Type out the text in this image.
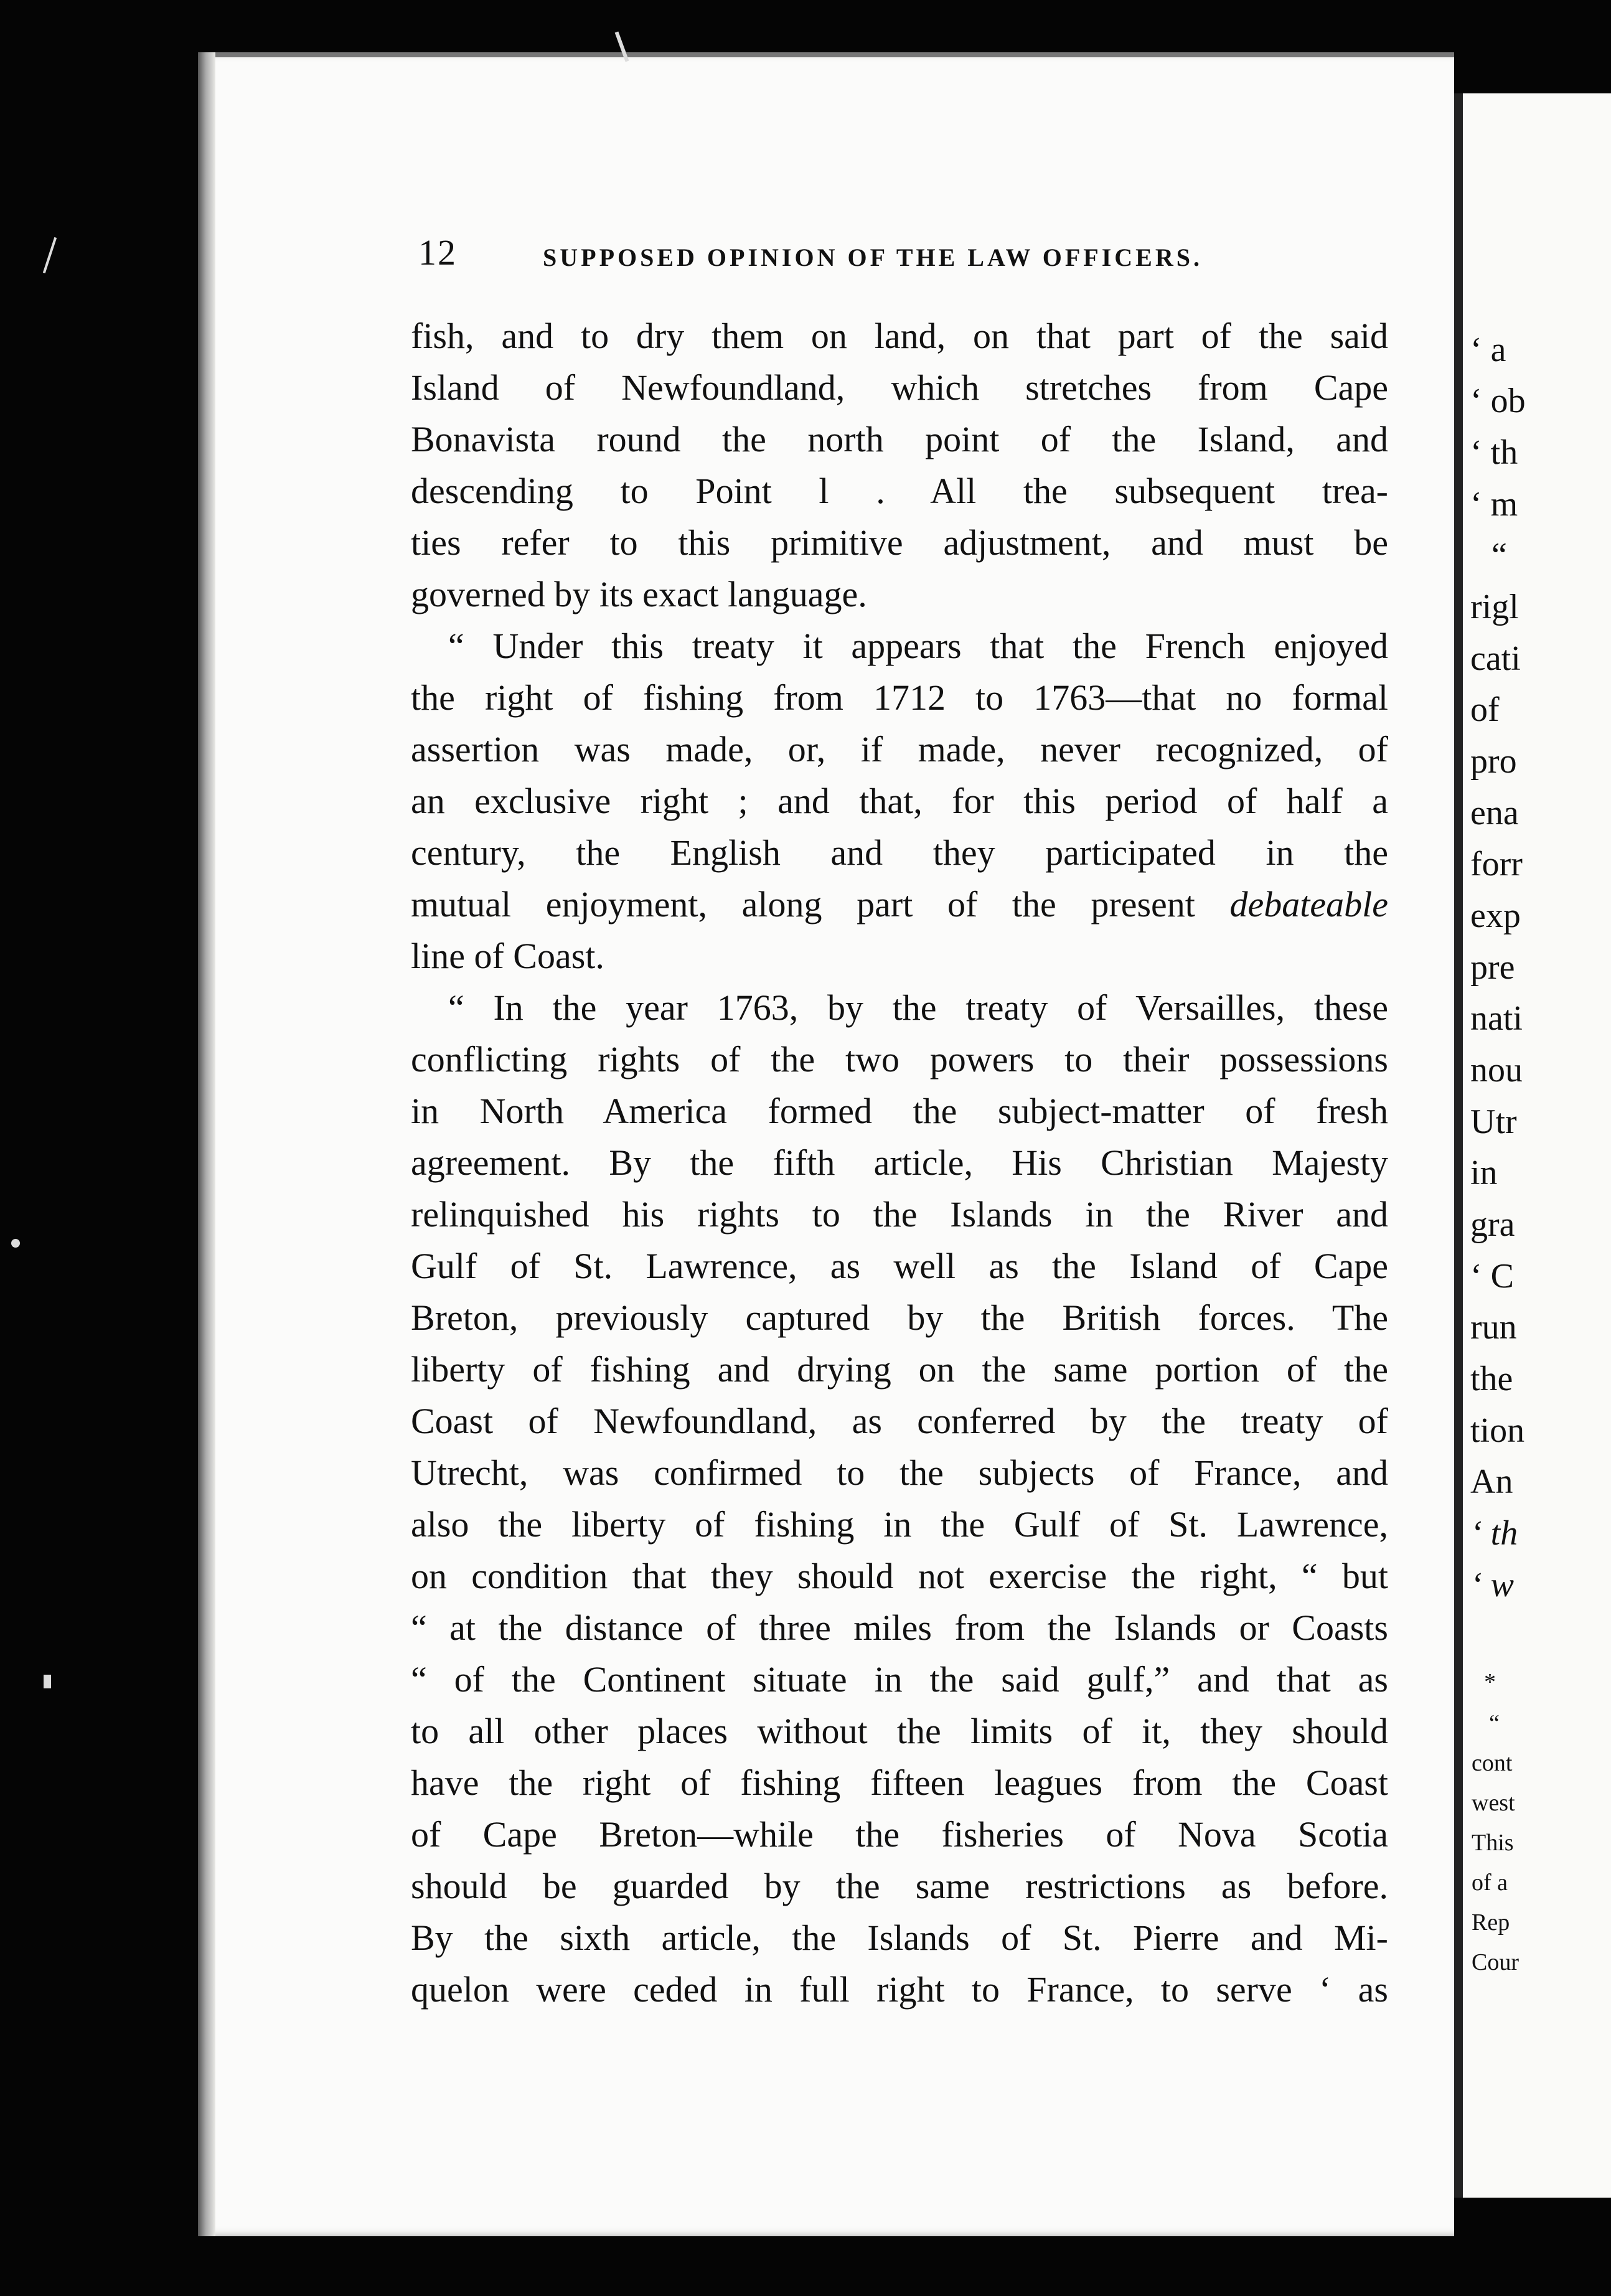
‘ a
‘ ob
‘ th
‘ m
“
rigl
cati
of
pro
ena
forr
exp
pre
nati
nou
Utr
in
gra
‘ C
run
the
tion
An
‘ th
‘ w
*
“
cont
west
This
of a
Rep
Cour
12	SUPPOSED OPINION OF THE LAW OFFICERS.
fish, and to dry them on land, on that part of the said
Island of Newfoundland, which stretches from Cape
Bonavista round the north point of the Island, and
descending to Point l . All the subsequent trea-
ties refer to this primitive adjustment, and must be
governed by its exact language.
“ Under this treaty it appears that the French enjoyed
the right of fishing from 1712 to 1763—that no formal
assertion was made, or, if made, never recognized, of
an exclusive right ; and that, for this period of half a
century, the English and they participated in the
mutual enjoyment, along part of the present debateable
line of Coast.
“ In the year 1763, by the treaty of Versailles, these
conflicting rights of the two powers to their possessions
in North America formed the subject-matter of fresh
agreement. By the fifth article, His Christian Majesty
relinquished his rights to the Islands in the River and
Gulf of St. Lawrence, as well as the Island of Cape
Breton, previously captured by the British forces. The
liberty of fishing and drying on the same portion of the
Coast of Newfoundland, as conferred by the treaty of
Utrecht, was confirmed to the subjects of France, and
also the liberty of fishing in the Gulf of St. Lawrence,
on condition that they should not exercise the right, “ but
“ at the distance of three miles from the Islands or Coasts
“ of the Continent situate in the said gulf,” and that as
to all other places without the limits of it, they should
have the right of fishing fifteen leagues from the Coast
of Cape Breton—while the fisheries of Nova Scotia
should be guarded by the same restrictions as before.
By the sixth article, the Islands of St. Pierre and Mi-
quelon were ceded in full right to France, to serve ‘ as
